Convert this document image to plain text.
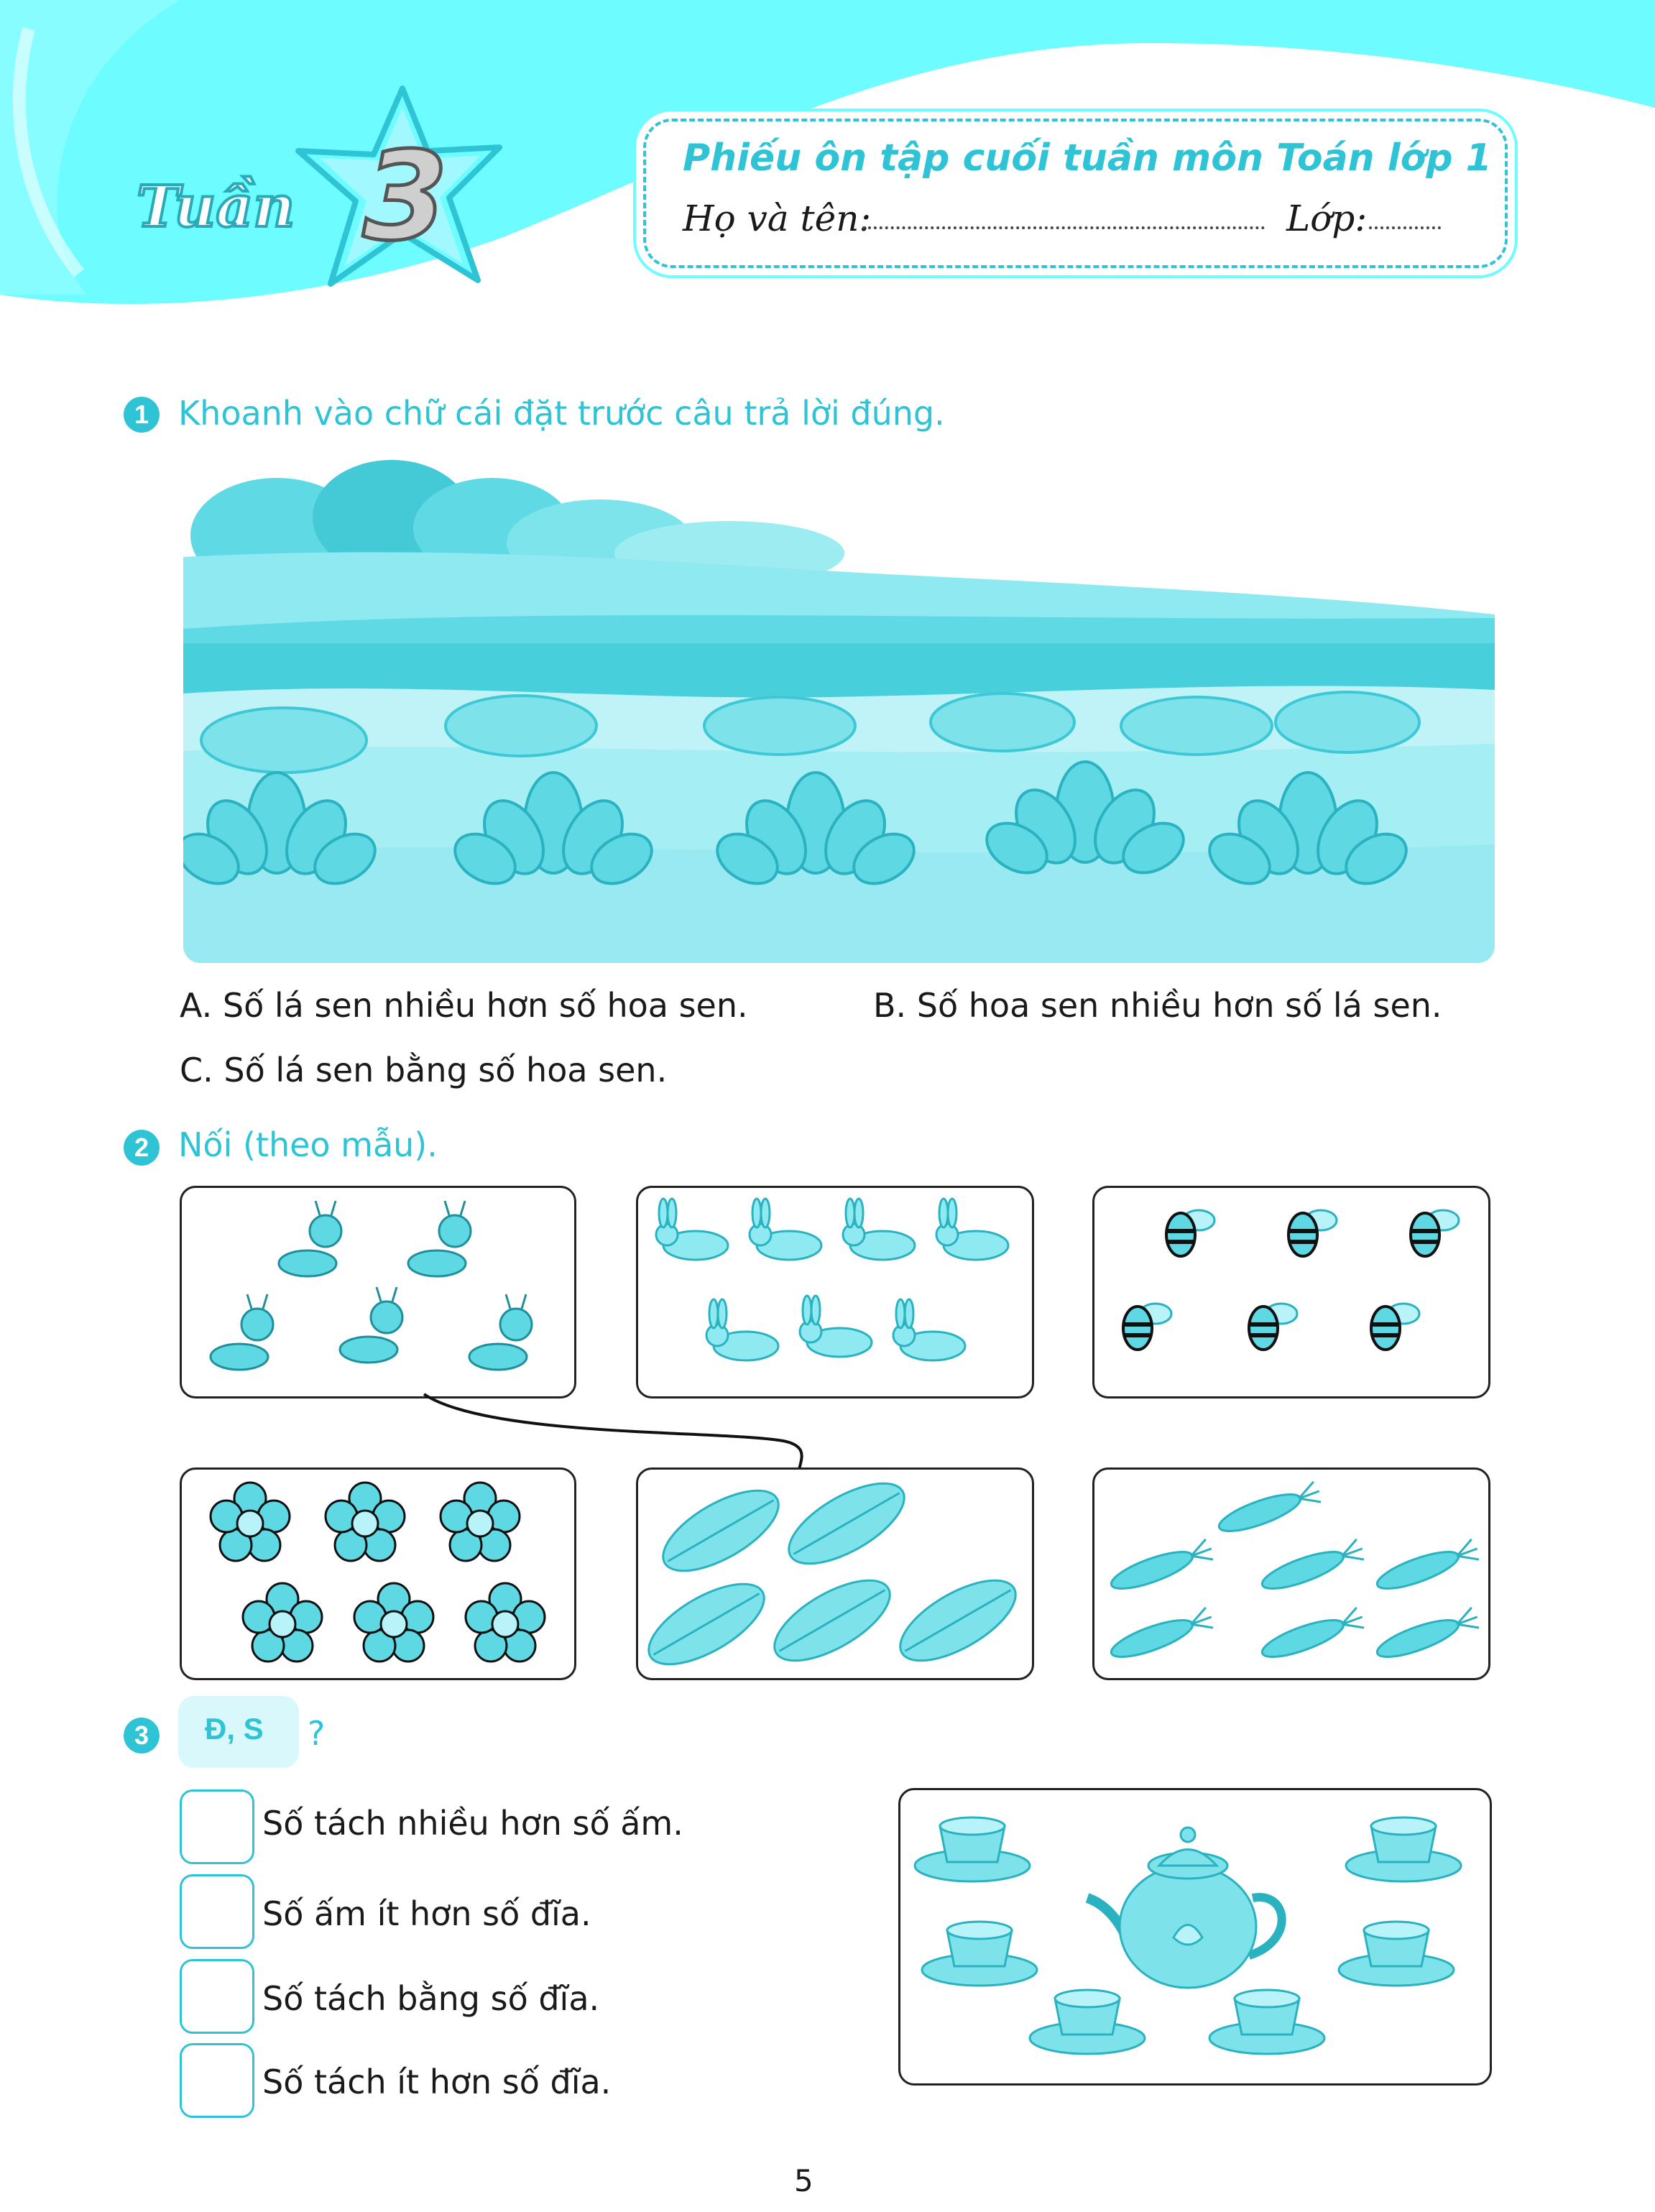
Tuần 3	Phiếu ôn tập cuối tuần môn Toán lớp 1
Họ và tên:	Lớp:
1 Khoanh vào chữ cái đặt trước câu trả lời đúng.
A. Số lá sen nhiều hơn số hoa sen.	B. Số hoa sen nhiều hơn số lá sen.
C. Số lá sen bằng số hoa sen.
2 Nối (theo mẫu).
3	Đ, S ?
Số tách nhiều hơn số ấm.
Số ấm ít hơn số đĩa.
Số tách bằng số đĩa.
Số tách ít hơn số đĩa.
5
